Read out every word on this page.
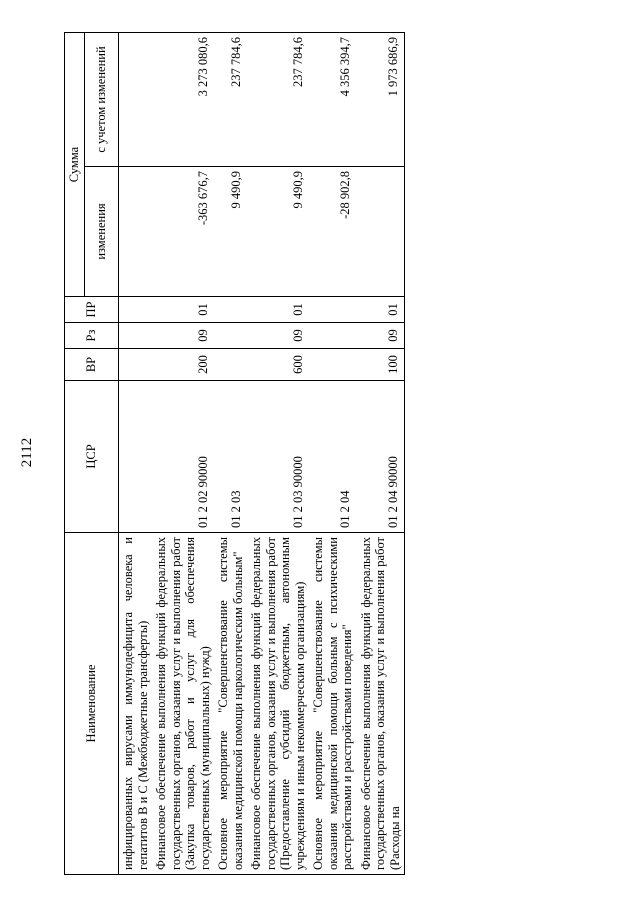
2112
Наименование	ЦСР	ВР	Рз	ПР	Сумма	
					изменения	с учетом изменений
инфицированных вирусами иммунодефицита человека и гепатитов В и С (Межбюджетные трансферты)						
Финансовое обеспечение выполнения функций федеральных государственных органов, оказания услуг и выполнения работ (Закупка товаров, работ и услуг для обеспечения государственных (муниципальных) нужд)	01 2 02 90000	200	09	01	-363 676,7	3 273 080,6
Основное мероприятие "Совершенствование системы оказания медицинской помощи наркологическим больным"	01 2 03				9 490,9	237 784,6
Финансовое обеспечение выполнения функций федеральных государственных органов, оказания услуг и выполнения работ (Предоставление субсидий бюджетным, автономным учреждениям и иным некоммерческим организациям)	01 2 03 90000	600	09	01	9 490,9	237 784,6
Основное мероприятие "Совершенствование системы оказания медицинской помощи больным с психическими расстройствами и расстройствами поведения"	01 2 04				-28 902,8	4 356 394,7
Финансовое обеспечение выполнения функций федеральных государственных органов, оказания услуг и выполнения работ (Расходы на	01 2 04 90000	100	09	01		1 973 686,9
